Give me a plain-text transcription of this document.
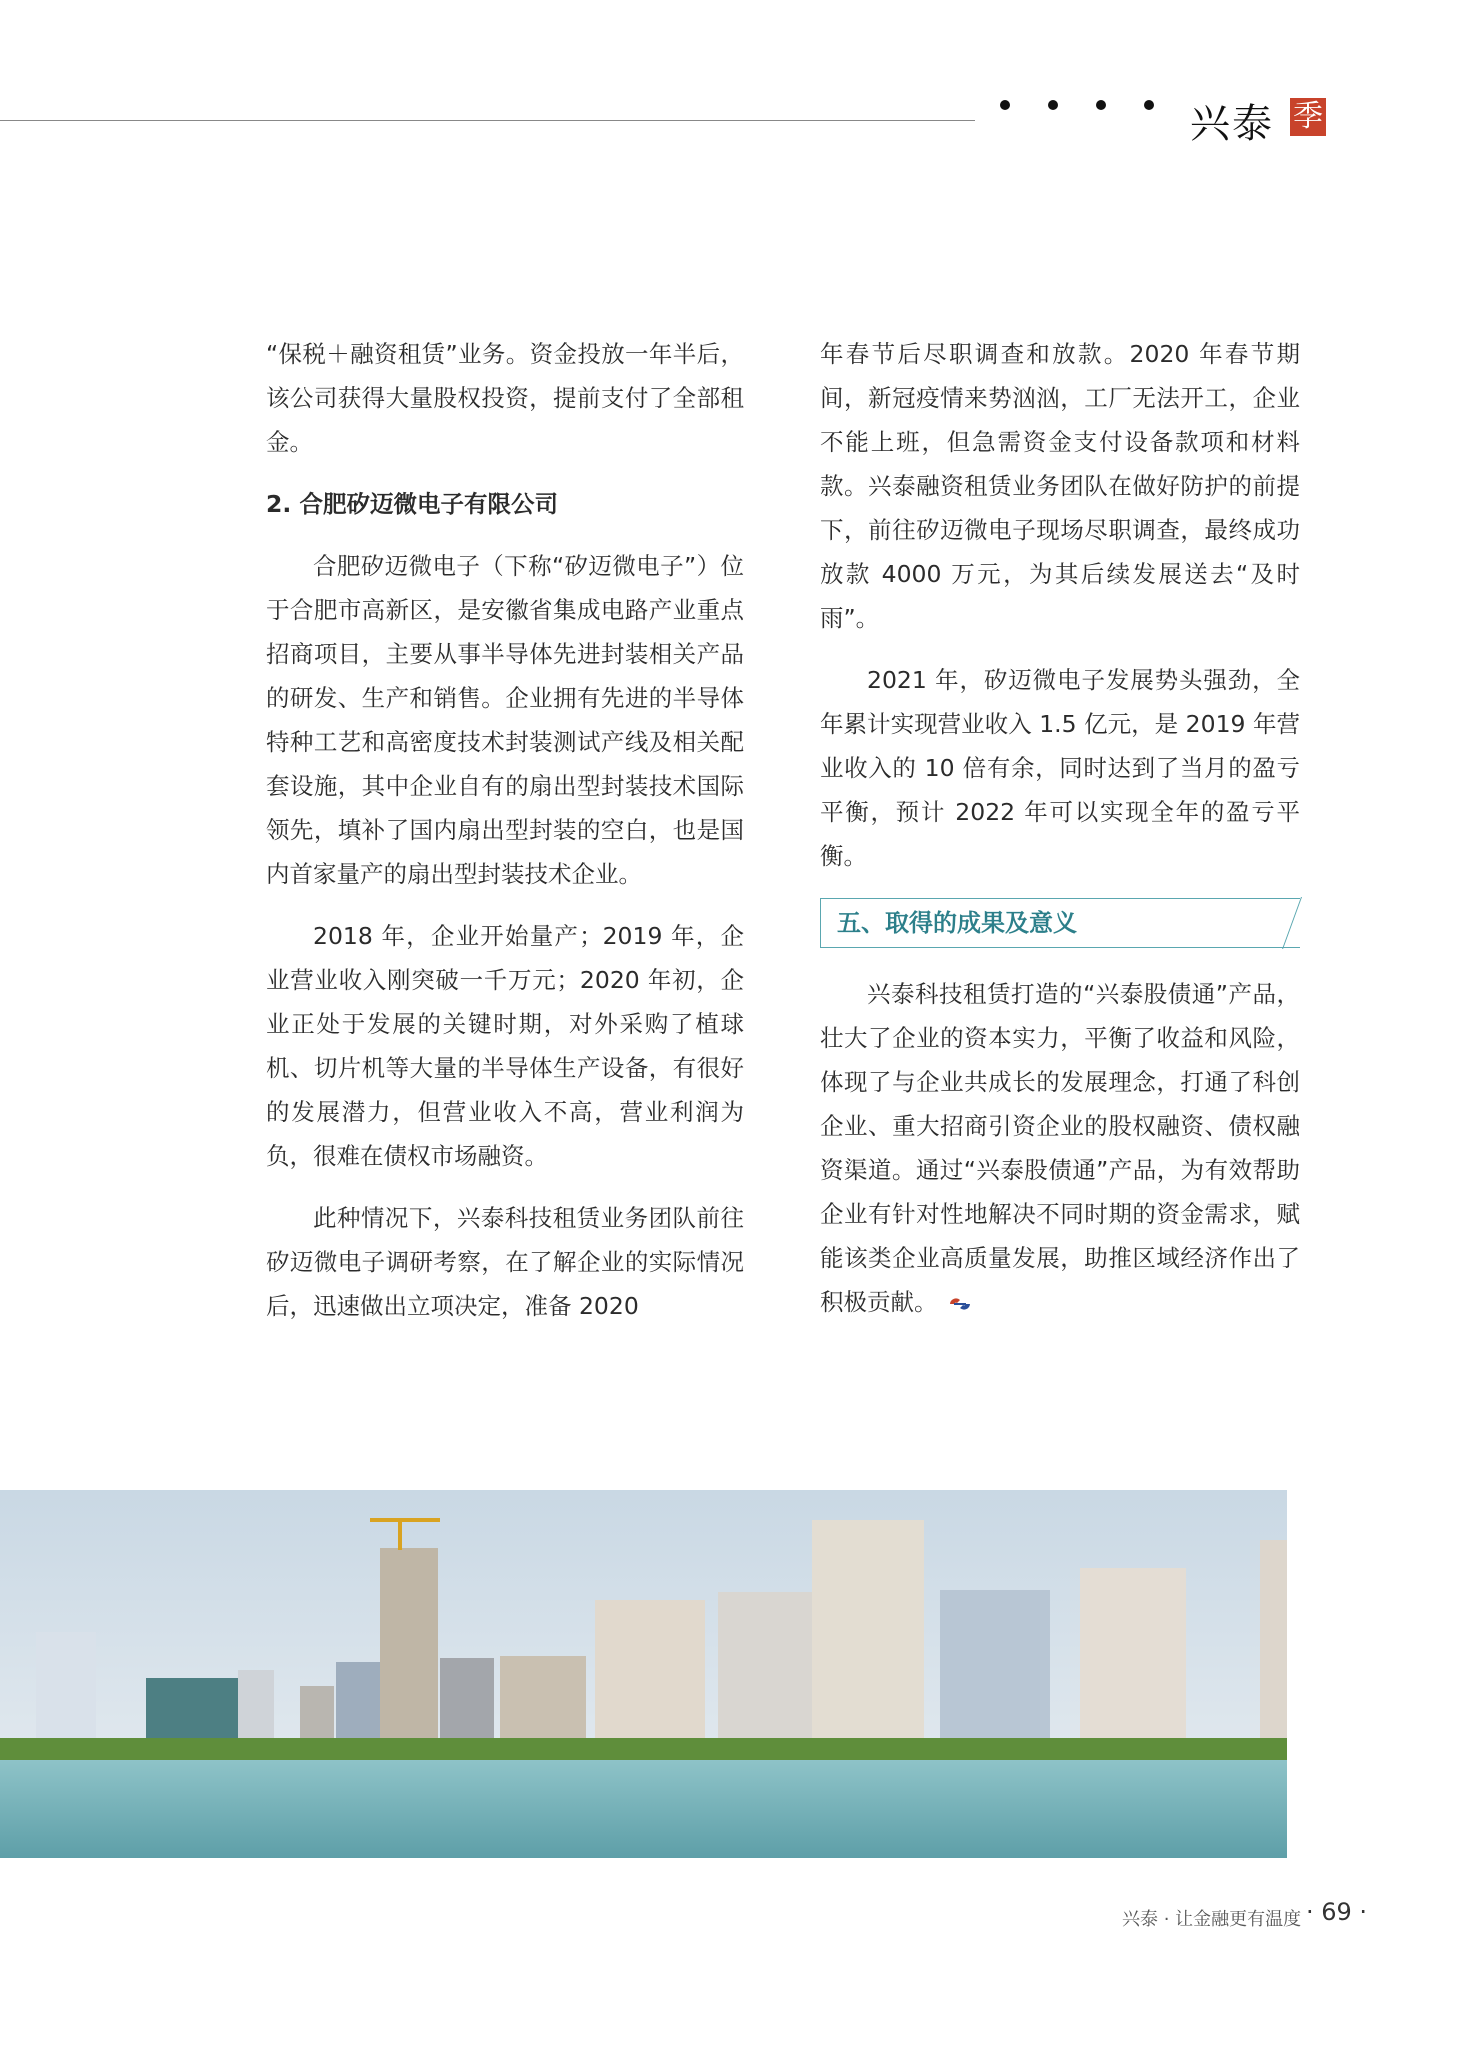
兴泰 季

“保税＋融资租赁”业务。资金投放一年半后，该公司获得大量股权投资，提前支付了全部租金。

2. 合肥矽迈微电子有限公司

合肥矽迈微电子（下称“矽迈微电子”）位于合肥市高新区，是安徽省集成电路产业重点招商项目，主要从事半导体先进封装相关产品的研发、生产和销售。企业拥有先进的半导体特种工艺和高密度技术封装测试产线及相关配套设施，其中企业自有的扇出型封装技术国际领先，填补了国内扇出型封装的空白，也是国内首家量产的扇出型封装技术企业。

2018 年，企业开始量产；2019 年，企业营业收入刚突破一千万元；2020 年初，企业正处于发展的关键时期，对外采购了植球机、切片机等大量的半导体生产设备，有很好的发展潜力，但营业收入不高，营业利润为负，很难在债权市场融资。

此种情况下，兴泰科技租赁业务团队前往矽迈微电子调研考察，在了解企业的实际情况后，迅速做出立项决定，准备 2020

年春节后尽职调查和放款。2020 年春节期间，新冠疫情来势汹汹，工厂无法开工，企业不能上班，但急需资金支付设备款项和材料款。兴泰融资租赁业务团队在做好防护的前提下，前往矽迈微电子现场尽职调查，最终成功放款 4000 万元，为其后续发展送去“及时雨”。

2021 年，矽迈微电子发展势头强劲，全年累计实现营业收入 1.5 亿元，是 2019 年营业收入的 10 倍有余，同时达到了当月的盈亏平衡，预计 2022 年可以实现全年的盈亏平衡。

五、取得的成果及意义

兴泰科技租赁打造的“兴泰股债通”产品，壮大了企业的资本实力，平衡了收益和风险，体现了与企业共成长的发展理念，打通了科创企业、重大招商引资企业的股权融资、债权融资渠道。通过“兴泰股债通”产品，为有效帮助企业有针对性地解决不同时期的资金需求，赋能该类企业高质量发展，助推区域经济作出了积极贡献。

兴泰 · 让金融更有温度 · 69 ·
